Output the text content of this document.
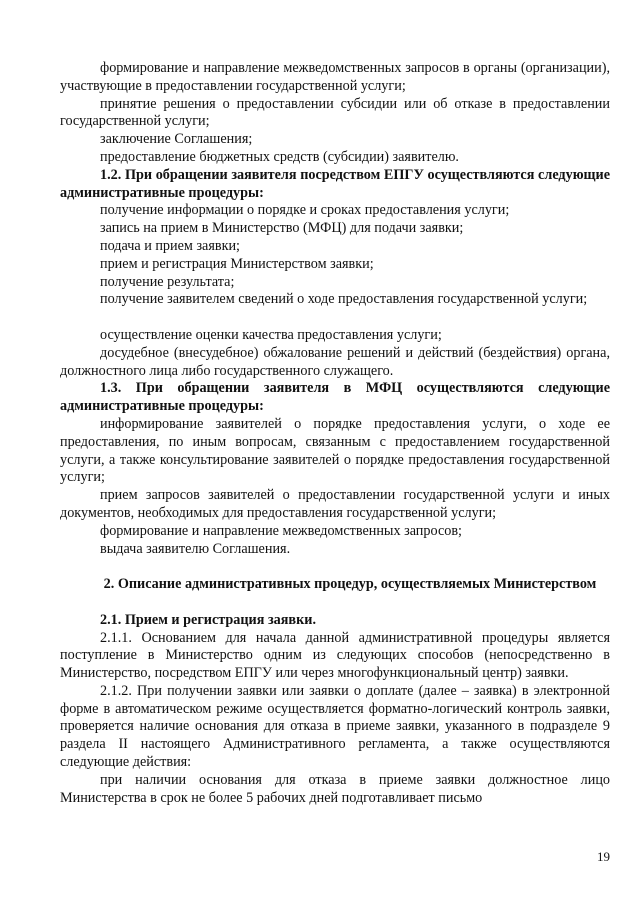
формирование и направление межведомственных запросов в органы (организации), участвующие в предоставлении государственной услуги;

принятие решения о предоставлении субсидии или об отказе в предоставлении государственной услуги;

заключение Соглашения;

предоставление бюджетных средств (субсидии) заявителю.

1.2. При обращении заявителя посредством ЕПГУ осуществляются следующие административные процедуры:

получение информации о порядке и сроках предоставления услуги;

запись на прием в Министерство (МФЦ) для подачи заявки;

подача и прием заявки;

прием и регистрация Министерством заявки;

получение результата;

получение заявителем сведений о ходе предоставления государственной услуги;

осуществление оценки качества предоставления услуги;

досудебное (внесудебное) обжалование решений и действий (бездействия) органа, должностного лица либо государственного служащего.

1.3. При обращении заявителя в МФЦ осуществляются следующие административные процедуры:

информирование заявителей о порядке предоставления услуги, о ходе ее предоставления, по иным вопросам, связанным с предоставлением государственной услуги, а также консультирование заявителей о порядке предоставления государственной услуги;

прием запросов заявителей о предоставлении государственной услуги и иных документов, необходимых для предоставления государственной услуги;

формирование и направление межведомственных запросов;

выдача заявителю Соглашения.

2. Описание административных процедур, осуществляемых Министерством

2.1. Прием и регистрация заявки.

2.1.1. Основанием для начала данной административной процедуры является поступление в Министерство одним из следующих способов (непосредственно в Министерство, посредством ЕПГУ или через многофункциональный центр) заявки.

2.1.2. При получении заявки или заявки о доплате (далее – заявка) в электронной форме в автоматическом режиме осуществляется форматно-логический контроль заявки, проверяется наличие основания для отказа в приеме заявки, указанного в подразделе 9 раздела II настоящего Административного регламента, а также осуществляются следующие действия:

при наличии основания для отказа в приеме заявки должностное лицо Министерства в срок не более 5 рабочих дней подготавливает письмо

19
